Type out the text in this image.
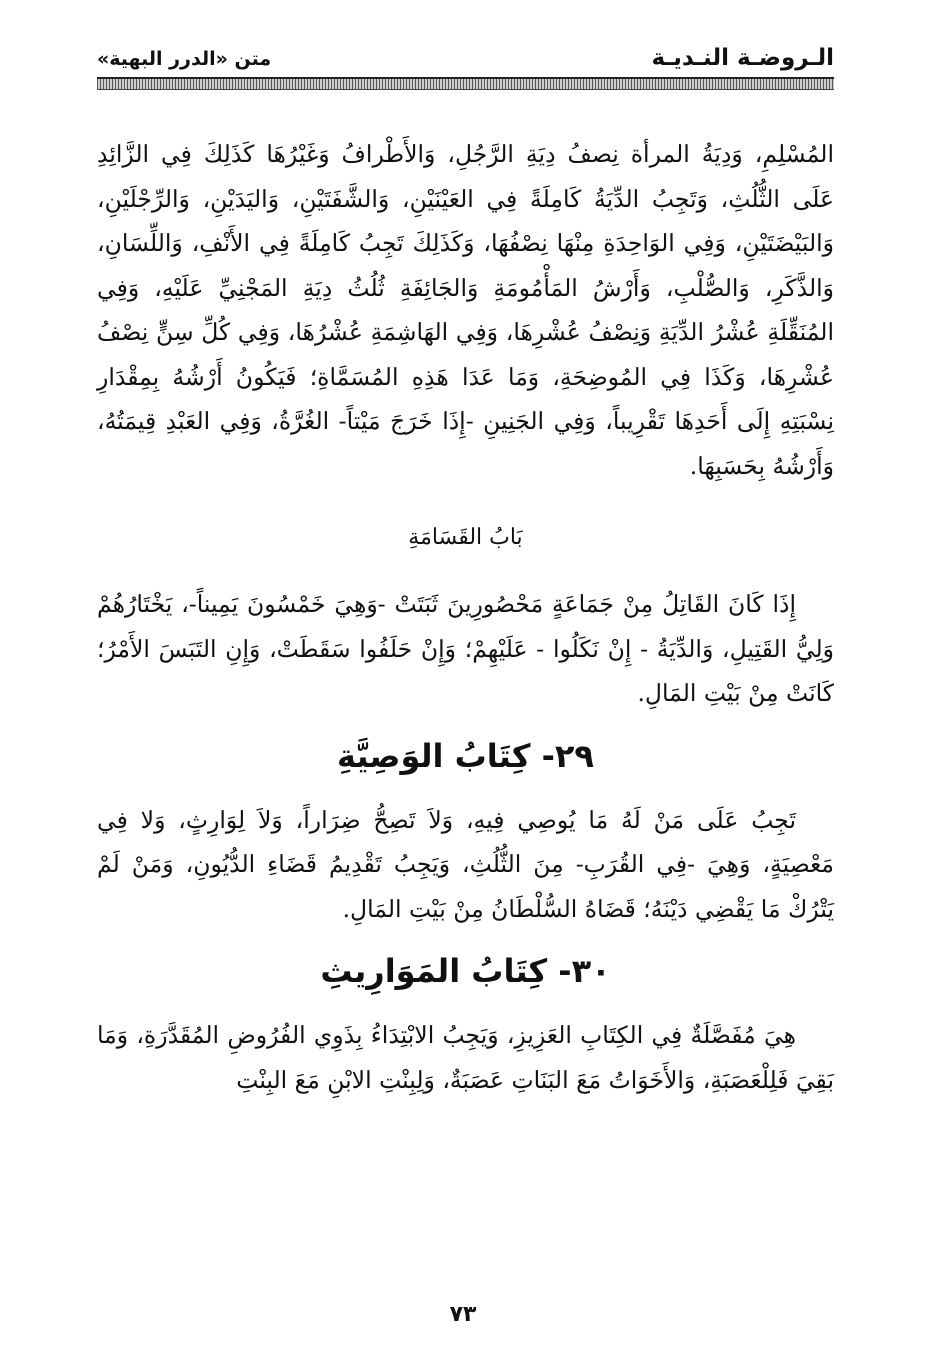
الـروضـة النـديـة
متن «الدرر البهية»

المُسْلِمِ، وَدِيَةُ المرأة نِصفُ دِيَةِ الرَّجُلِ، وَالأَطْرافُ وَغَيْرُهَا كَذَلِكَ فِي الزَّائِدِ عَلَى الثُّلُثِ، وَتَجِبُ الدِّيَةُ كَامِلَةً فِي العَيْنَيْنِ، وَالشَّفَتَيْنِ، وَاليَدَيْنِ، وَالرِّجْلَيْنِ، وَالبَيْضَتَيْنِ، وَفِي الوَاحِدَةِ مِنْهَا نِصْفُهَا، وَكَذَلِكَ تَجِبُ كَامِلَةً فِي الأَنْفِ، وَاللِّسَانِ، وَالذَّكَرِ، وَالصُّلْبِ، وَأَرْشُ المَأْمُومَةِ وَالجَائِفَةِ ثُلُثُ دِيَةِ المَجْنِيِّ عَلَيْهِ، وَفِي المُنَقِّلَةِ عُشْرُ الدِّيَةِ وَنِصْفُ عُشْرِهَا، وَفِي الهَاشِمَةِ عُشْرُهَا، وَفِي كُلِّ سِنٍّ نِصْفُ عُشْرِهَا، وَكَذَا فِي المُوضِحَةِ، وَمَا عَدَا هَذِهِ المُسَمَّاةِ؛ فَيَكُونُ أَرْشُهُ بِمِقْدَارِ نِسْبَتِهِ إِلَى أَحَدِهَا تَقْرِيباً، وَفِي الجَنِينِ -إِذَا خَرَجَ مَيْتاً- الغُرَّةُ، وَفِي العَبْدِ قِيمَتُهُ، وَأَرْشُهُ بِحَسَبِهَا.

بَابُ القَسَامَةِ

إِذَا كَانَ القَاتِلُ مِنْ جَمَاعَةٍ مَحْصُورِينَ ثَبَتَتْ -وَهِيَ خَمْسُونَ يَمِيناً-، يَخْتَارُهُمْ وَلِيُّ القَتِيلِ، وَالدِّيَةُ - إِنْ نَكَلُوا - عَلَيْهِمْ؛ وَإِنْ حَلَفُوا سَقَطَتْ، وَإِنِ التَبَسَ الأَمْرُ؛ كَانَتْ مِنْ بَيْتِ المَالِ.

٢٩- كِتَابُ الوَصِيَّةِ

تَجِبُ عَلَى مَنْ لَهُ مَا يُوصِي فِيهِ، وَلاَ تَصِحُّ ضِرَاراً، وَلاَ لِوَارِثٍ، وَلا فِي مَعْصِيَةٍ، وَهِيَ -فِي القُرَبِ- مِنَ الثُّلُثِ، وَيَجِبُ تَقْدِيمُ قَضَاءِ الدُّيُونِ، وَمَنْ لَمْ يَتْرُكْ مَا يَقْضِي دَيْنَهُ؛ قَضَاهُ السُّلْطَانُ مِنْ بَيْتِ المَالِ.

٣٠- كِتَابُ المَوَارِيثِ

هِيَ مُفَصَّلَةٌ فِي الكِتَابِ العَزِيزِ، وَيَجِبُ الابْتِدَاءُ بِذَوِي الفُرُوضِ المُقَدَّرَةِ، وَمَا بَقِيَ فَلِلْعَصَبَةِ، وَالأَخَوَاتُ مَعَ البَنَاتِ عَصَبَةٌ، وَلِبِنْتِ الابْنِ مَعَ البِنْتِ

٧٣
